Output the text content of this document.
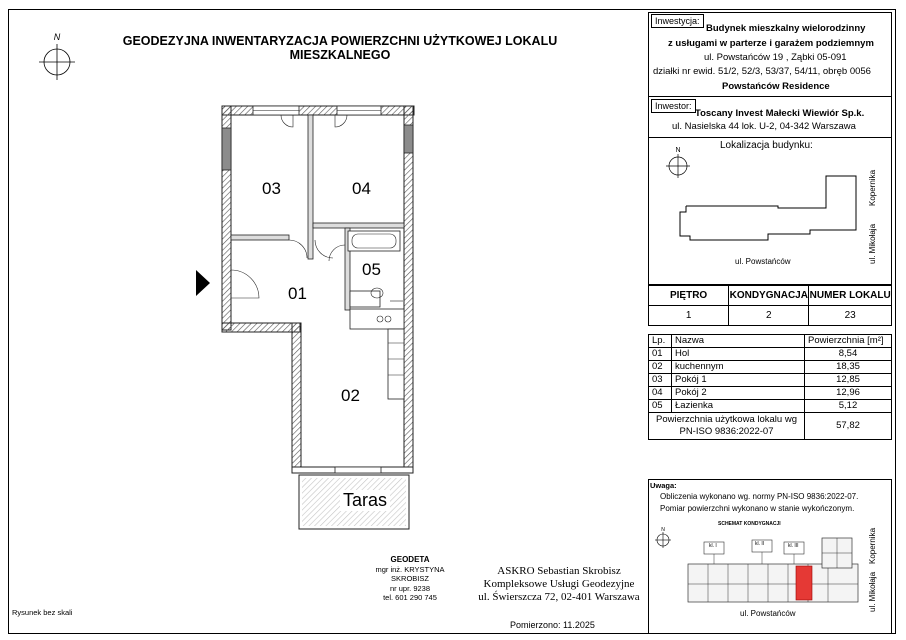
N	GEODEZYJNA INWENTARYZACJA POWIERZCHNI UŻYTKOWEJ LOKALU MIESZKALNEGO
03	04
05
01
02
Taras
Inwestycja:
Budynek mieszkalny wielorodzinny
z usługami w parterze i garażem podziemnym
ul. Powstańców 19 , Ząbki 05-091
działki nr ewid. 51/2, 52/3, 53/37, 54/11, obręb 0056
Powstańców Residence
Inwestor:
Toscany Invest Małecki Wiewiór Sp.k.
ul. Nasielska 44 lok. U-2, 04-342 Warszawa
Lokalizacja budynku:
N
ul. Powstańców	ul. Mikołaja
Kopernika
PIĘTRO	KONDYGNACJA	NUMER LOKALU
1	2	23
Lp.	Nazwa	Powierzchnia [m²]
01	Hol	8,54
02	kuchennym	18,35
03	Pokój 1	12,85
04	Pokój 2	12,96
05	Łazienka	5,12
Powierzchnia użytkowa lokalu wg
PN-ISO 9836:2022-07		57,82
Uwaga:
Obliczenia wykonano wg. normy PN-ISO 9836:2022-07.
Pomiar powierzchni wykonano w stanie wykończonym.
SCHEMAT KONDYGNACJI
N
kl. I	kl. II	kl. III
ul. Powstańców
ul. Mikołaja
Kopernika
GEODETA
mgr inż. KRYSTYNA SKROBISZ
nr upr. 9238
tel. 601 290 745
ASKRO Sebastian Skrobisz
Kompleksowe Usługi Geodezyjne
ul. Świerszcza 72, 02-401 Warszawa
Pomierzono: 11.2025
Rysunek bez skali
